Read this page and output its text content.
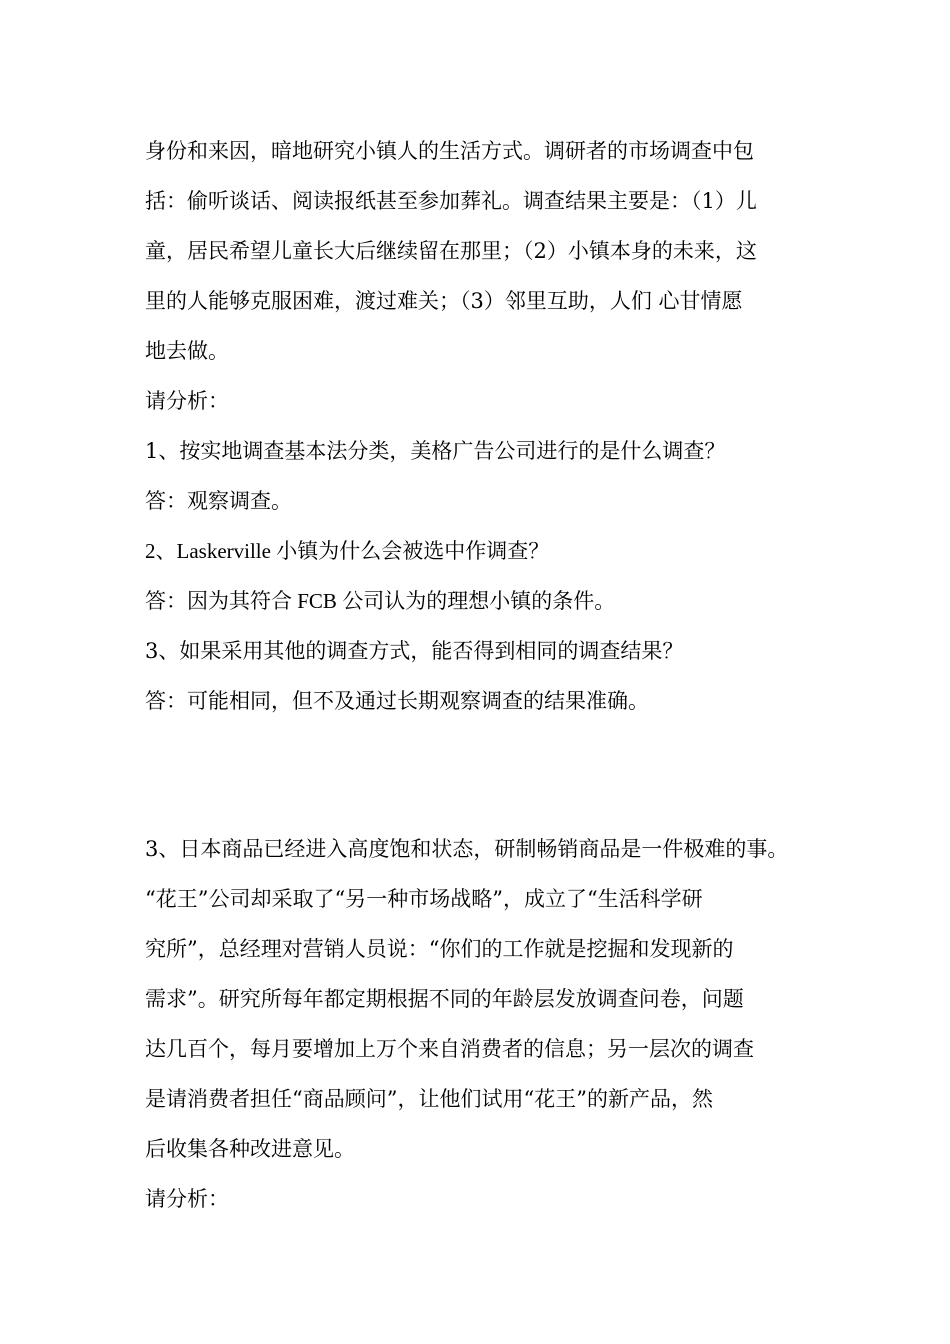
身份和来因，暗地研究小镇人的生活方式。调研者的市场调查中包
括：偷听谈话、阅读报纸甚至参加葬礼。调查结果主要是：（1）儿
童，居民希望儿童长大后继续留在那里；（2）小镇本身的未来，这
里的人能够克服困难，渡过难关；（3）邻里互助，人们 心甘情愿
地去做。
请分析：
1、按实地调查基本法分类，美格广告公司进行的是什么调查？
答：观察调查。
2、Laskerville 小镇为什么会被选中作调查？
答：因为其符合 FCB 公司认为的理想小镇的条件。
3、如果采用其他的调查方式，能否得到相同的调查结果？
答：可能相同，但不及通过长期观察调查的结果准确。
3、日本商品已经进入高度饱和状态，研制畅销商品是一件极难的事。
“花王”公司却采取了“另一种市场战略”，成立了“生活科学研
究所”，总经理对营销人员说：“你们的工作就是挖掘和发现新的
需求”。研究所每年都定期根据不同的年龄层发放调查问卷，问题
达几百个，每月要增加上万个来自消费者的信息；另一层次的调查
是请消费者担任“商品顾问”，让他们试用“花王”的新产品，然
后收集各种改进意见。
请分析：
